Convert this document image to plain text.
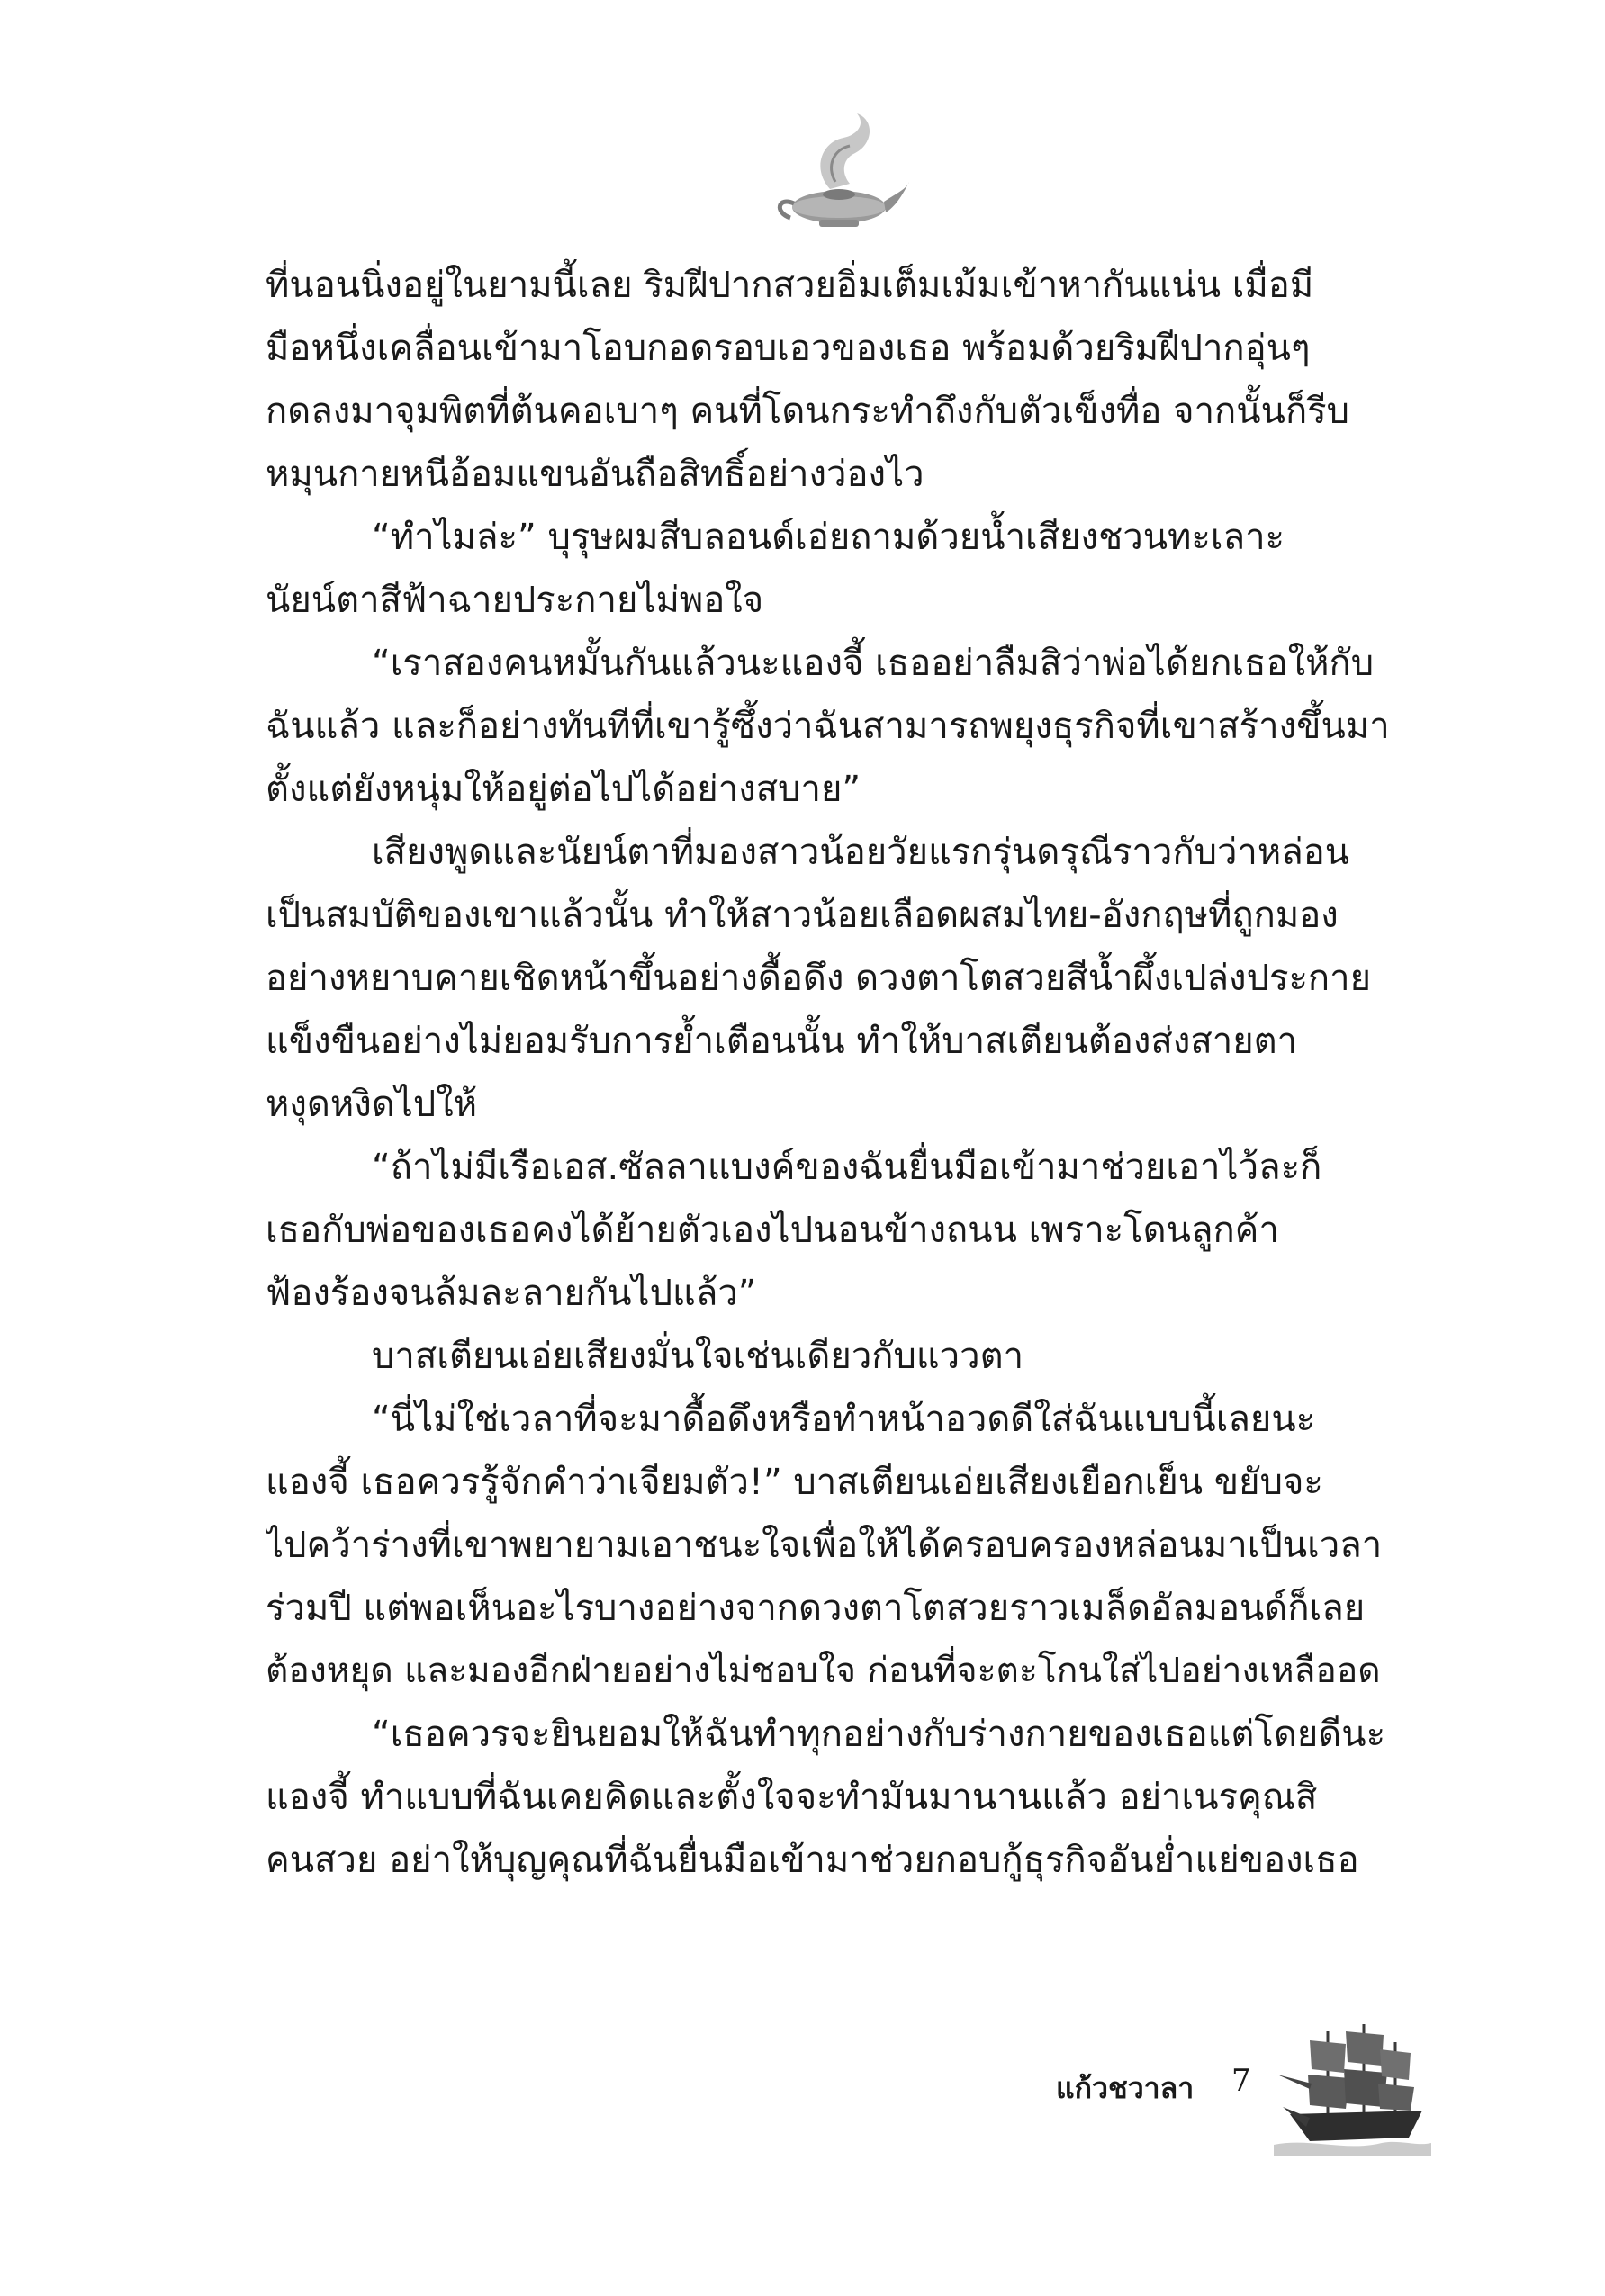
ที่นอนนิ่งอยู่ในยามนี้เลย ริมฝีปากสวยอิ่มเต็มเม้มเข้าหากันแน่น เมื่อมี
มือหนึ่งเคลื่อนเข้ามาโอบกอดรอบเอวของเธอ พร้อมด้วยริมฝีปากอุ่นๆ
กดลงมาจุมพิตที่ต้นคอเบาๆ คนที่โดนกระทำถึงกับตัวเข็งทื่อ จากนั้นก็รีบ
หมุนกายหนีอ้อมแขนอันถือสิทธิ์อย่างว่องไว
“ทำไมล่ะ” บุรุษผมสีบลอนด์เอ่ยถามด้วยน้ำเสียงชวนทะเลาะ
นัยน์ตาสีฟ้าฉายประกายไม่พอใจ
“เราสองคนหมั้นกันแล้วนะแองจี้ เธออย่าลืมสิว่าพ่อได้ยกเธอให้กับ
ฉันแล้ว และก็อย่างทันทีที่เขารู้ซึ้งว่าฉันสามารถพยุงธุรกิจที่เขาสร้างขึ้นมา
ตั้งแต่ยังหนุ่มให้อยู่ต่อไปได้อย่างสบาย”
เสียงพูดและนัยน์ตาที่มองสาวน้อยวัยแรกรุ่นดรุณีราวกับว่าหล่อน
เป็นสมบัติของเขาแล้วนั้น ทำให้สาวน้อยเลือดผสมไทย-อังกฤษที่ถูกมอง
อย่างหยาบคายเชิดหน้าขึ้นอย่างดื้อดึง ดวงตาโตสวยสีน้ำผึ้งเปล่งประกาย
แข็งขืนอย่างไม่ยอมรับการย้ำเตือนนั้น ทำให้บาสเตียนต้องส่งสายตา
หงุดหงิดไปให้
“ถ้าไม่มีเรือเอส.ซัลลาแบงค์ของฉันยื่นมือเข้ามาช่วยเอาไว้ละก็
เธอกับพ่อของเธอคงได้ย้ายตัวเองไปนอนข้างถนน เพราะโดนลูกค้า
ฟ้องร้องจนล้มละลายกันไปแล้ว”
บาสเตียนเอ่ยเสียงมั่นใจเช่นเดียวกับแววตา
“นี่ไม่ใช่เวลาที่จะมาดื้อดึงหรือทำหน้าอวดดีใส่ฉันแบบนี้เลยนะ
แองจี้ เธอควรรู้จักคำว่าเจียมตัว!” บาสเตียนเอ่ยเสียงเยือกเย็น ขยับจะ
ไปคว้าร่างที่เขาพยายามเอาชนะใจเพื่อให้ได้ครอบครองหล่อนมาเป็นเวลา
ร่วมปี แต่พอเห็นอะไรบางอย่างจากดวงตาโตสวยราวเมล็ดอัลมอนด์ก็เลย
ต้องหยุด และมองอีกฝ่ายอย่างไม่ชอบใจ ก่อนที่จะตะโกนใส่ไปอย่างเหลืออด
“เธอควรจะยินยอมให้ฉันทำทุกอย่างกับร่างกายของเธอแต่โดยดีนะ
แองจี้ ทำแบบที่ฉันเคยคิดและตั้งใจจะทำมันมานานแล้ว อย่าเนรคุณสิ
คนสวย อย่าให้บุญคุณที่ฉันยื่นมือเข้ามาช่วยกอบกู้ธุรกิจอันย่ำแย่ของเธอ
แก้วชวาลา 7
